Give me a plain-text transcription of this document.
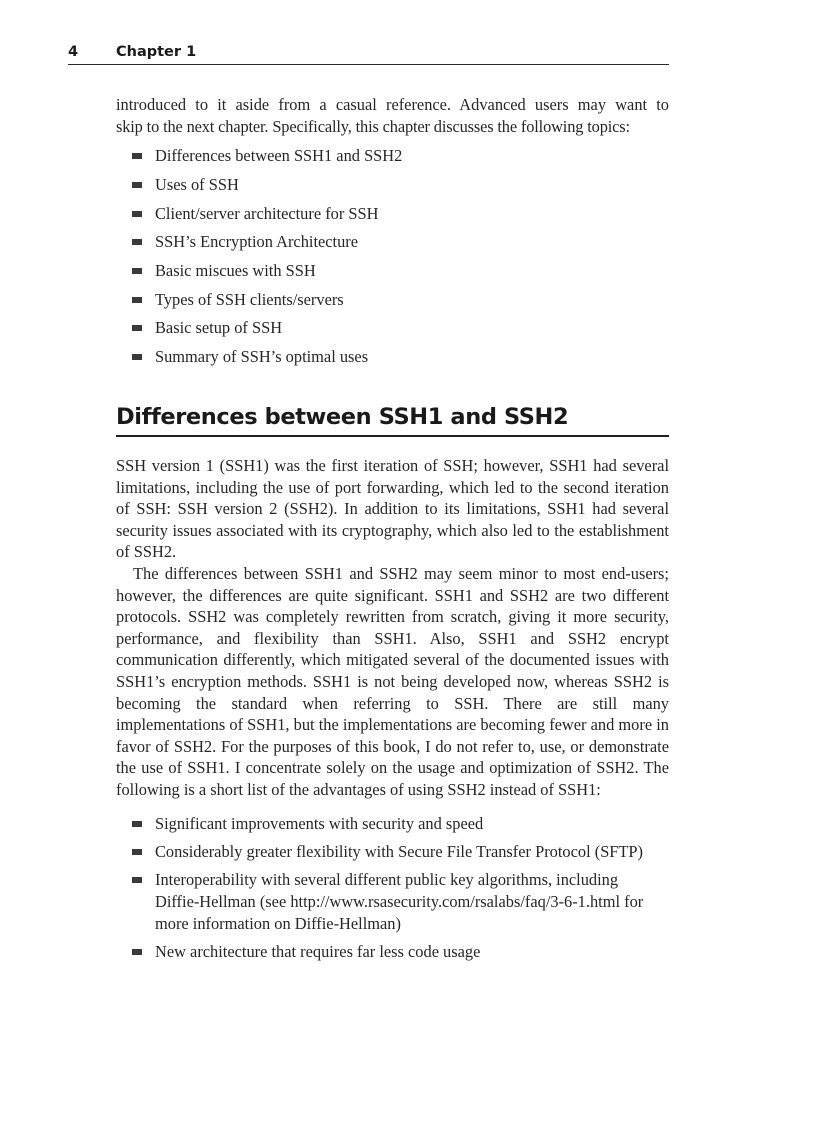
4	Chapter 1

introduced to it aside from a casual reference. Advanced users may want to

skip to the next chapter. Specifically, this chapter discusses the following topics:

Differences between SSH1 and SSH2
Uses of SSH
Client/server architecture for SSH
SSH’s Encryption Architecture
Basic miscues with SSH
Types of SSH clients/servers
Basic setup of SSH
Summary of SSH’s optimal uses
Differences between SSH1 and SSH2

SSH version 1 (SSH1) was the first iteration of SSH; however, SSH1 had several limitations, including the use of port forwarding, which led to the second iteration of SSH: SSH version 2 (SSH2). In addition to its limitations, SSH1 had several security issues associated with its cryptography, which also led to the establishment of SSH2.

The differences between SSH1 and SSH2 may seem minor to most end-users; however, the differences are quite significant. SSH1 and SSH2 are two different protocols. SSH2 was completely rewritten from scratch, giving it more security, performance, and flexibility than SSH1. Also, SSH1 and SSH2 encrypt communication differently, which mitigated several of the documented issues with SSH1’s encryption methods. SSH1 is not being developed now, whereas SSH2 is becoming the standard when referring to SSH. There are still many implementations of SSH1, but the implementations are becoming fewer and more in favor of SSH2. For the purposes of this book, I do not refer to, use, or demonstrate the use of SSH1. I concentrate solely on the usage and optimization of SSH2. The following is a short list of the advantages of using SSH2 instead of SSH1:

Significant improvements with security and speed
Considerably greater flexibility with Secure File Transfer Protocol (SFTP)
Interoperability with several different public key algorithms, including Diffie-Hellman (see http://www.rsasecurity.com/rsalabs/faq/3-6-1.html for more information on Diffie-Hellman)
New architecture that requires far less code usage
